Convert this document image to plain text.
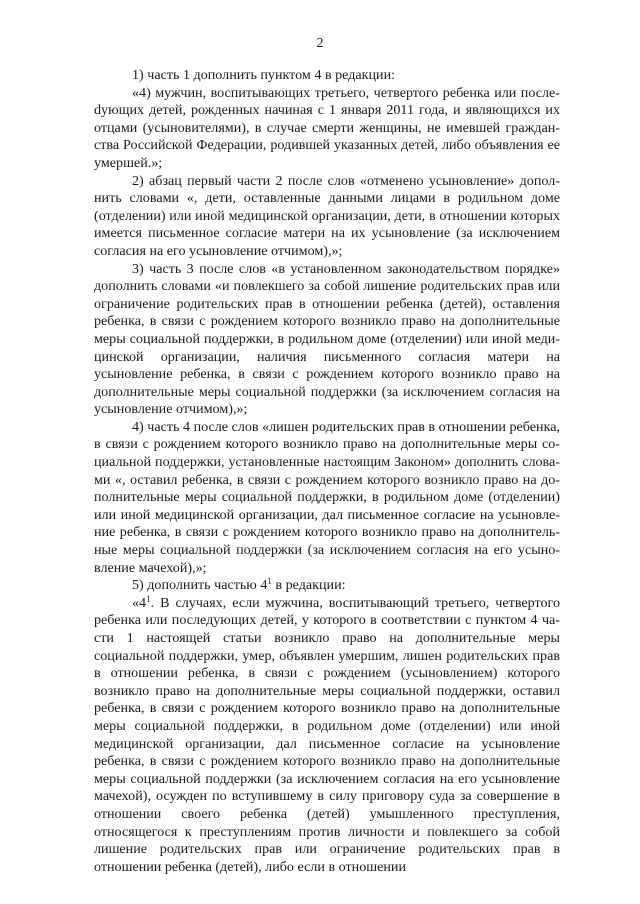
2

1) часть 1 дополнить пунктом 4 в редакции:

«4) мужчин, воспитывающих третьего, четвертого ребенка или послеdующих детей, рожденных начиная с 1 января 2011 года, и являющихся их отцами (усыновителями), в случае смерти женщины, не имевшей гражданства Российской Федерации, родившей указанных детей, либо объявления ее умершей.»;

2) абзац первый части 2 после слов «отменено усыновление» дополнить словами «, дети, оставленные данными лицами в родильном доме (отделении) или иной медицинской организации, дети, в отношении которых имеется письменное согласие матери на их усыновление (за исключением согласия на его усыновление отчимом),»;

3) часть 3 после слов «в установленном законодательством порядке» дополнить словами «и повлекшего за собой лишение родительских прав или ограничение родительских прав в отношении ребенка (детей), оставления ребенка, в связи с рождением которого возникло право на дополнительные меры социальной поддержки, в родильном доме (отделении) или иной медицинской организации, наличия письменного согласия матери на усыновление ребенка, в связи с рождением которого возникло право на дополнительные меры социальной поддержки (за исключением согласия на усыновление отчимом),»;

4) часть 4 после слов «лишен родительских прав в отношении ребенка, в связи с рождением которого возникло право на дополнительные меры социальной поддержки, установленные настоящим Законом» дополнить словами «, оставил ребенка, в связи с рождением которого возникло право на дополнительные меры социальной поддержки, в родильном доме (отделении) или иной медицинской организации, дал письменное согласие на усыновление ребенка, в связи с рождением которого возникло право на дополнительные меры социальной поддержки (за исключением согласия на его усыновление мачехой),»;

5) дополнить частью $4^1$ в редакции:

«$4^1$. В случаях, если мужчина, воспитывающий третьего, четвертого ребенка или последующих детей, у которого в соответствии с пунктом 4 части 1 настоящей статьи возникло право на дополнительные меры социальной поддержки, умер, объявлен умершим, лишен родительских прав в отношении ребенка, в связи с рождением (усыновлением) которого возникло право на дополнительные меры социальной поддержки, оставил ребенка, в связи с рождением которого возникло право на дополнительные меры социальной поддержки, в родильном доме (отделении) или иной медицинской организации, дал письменное согласие на усыновление ребенка, в связи с рождением которого возникло право на дополнительные меры социальной поддержки (за исключением согласия на его усыновление мачехой), осужден по вступившему в силу приговору суда за совершение в отношении своего ребенка (детей) умышленного преступления, относящегося к преступлениям против личности и повлекшего за собой лишение родительских прав или ограничение родительских прав в отношении ребенка (детей), либо если в отношении
